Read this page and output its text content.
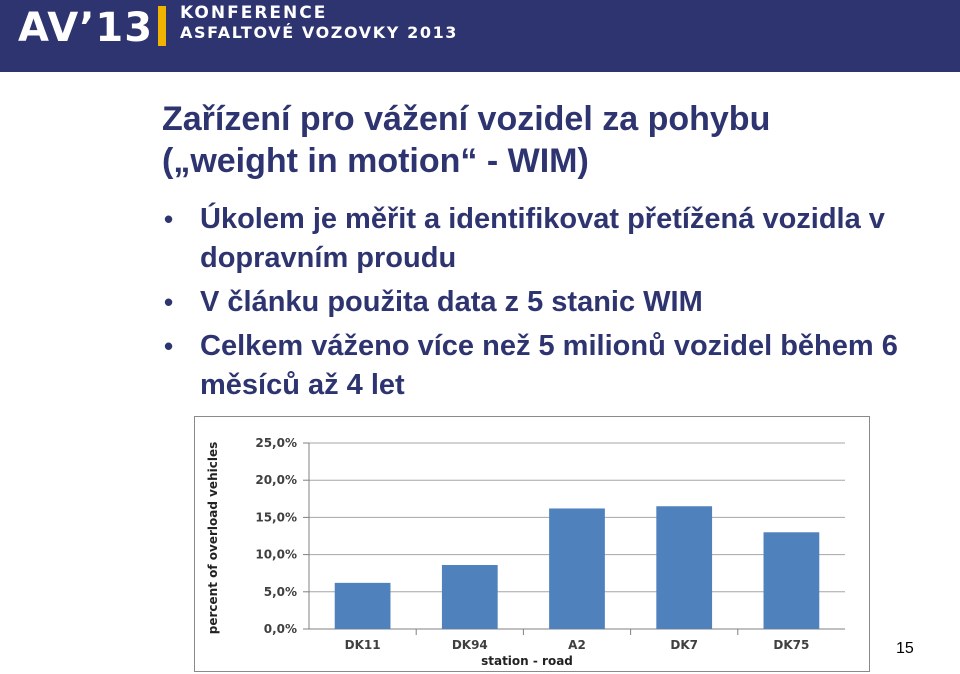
AV’13 KONFERENCE
ASFALTOVÉ VOZOVKY 2013
Zařízení pro vážení vozidel za pohybu
(„weight in motion“ - WIM)
• Úkolem je měřit a identifikovat přetížená vozidla v dopravním proudu
• V článku použita data z 5 stanic WIM
• Celkem váženo více než 5 milionů vozidel během 6 měsíců až 4 let
0,0%
5,0%
10,0%
15,0%
20,0%
25,0%
DK11	DK94	A2	DK7	DK75
station - road
percent of overload vehicles
15
